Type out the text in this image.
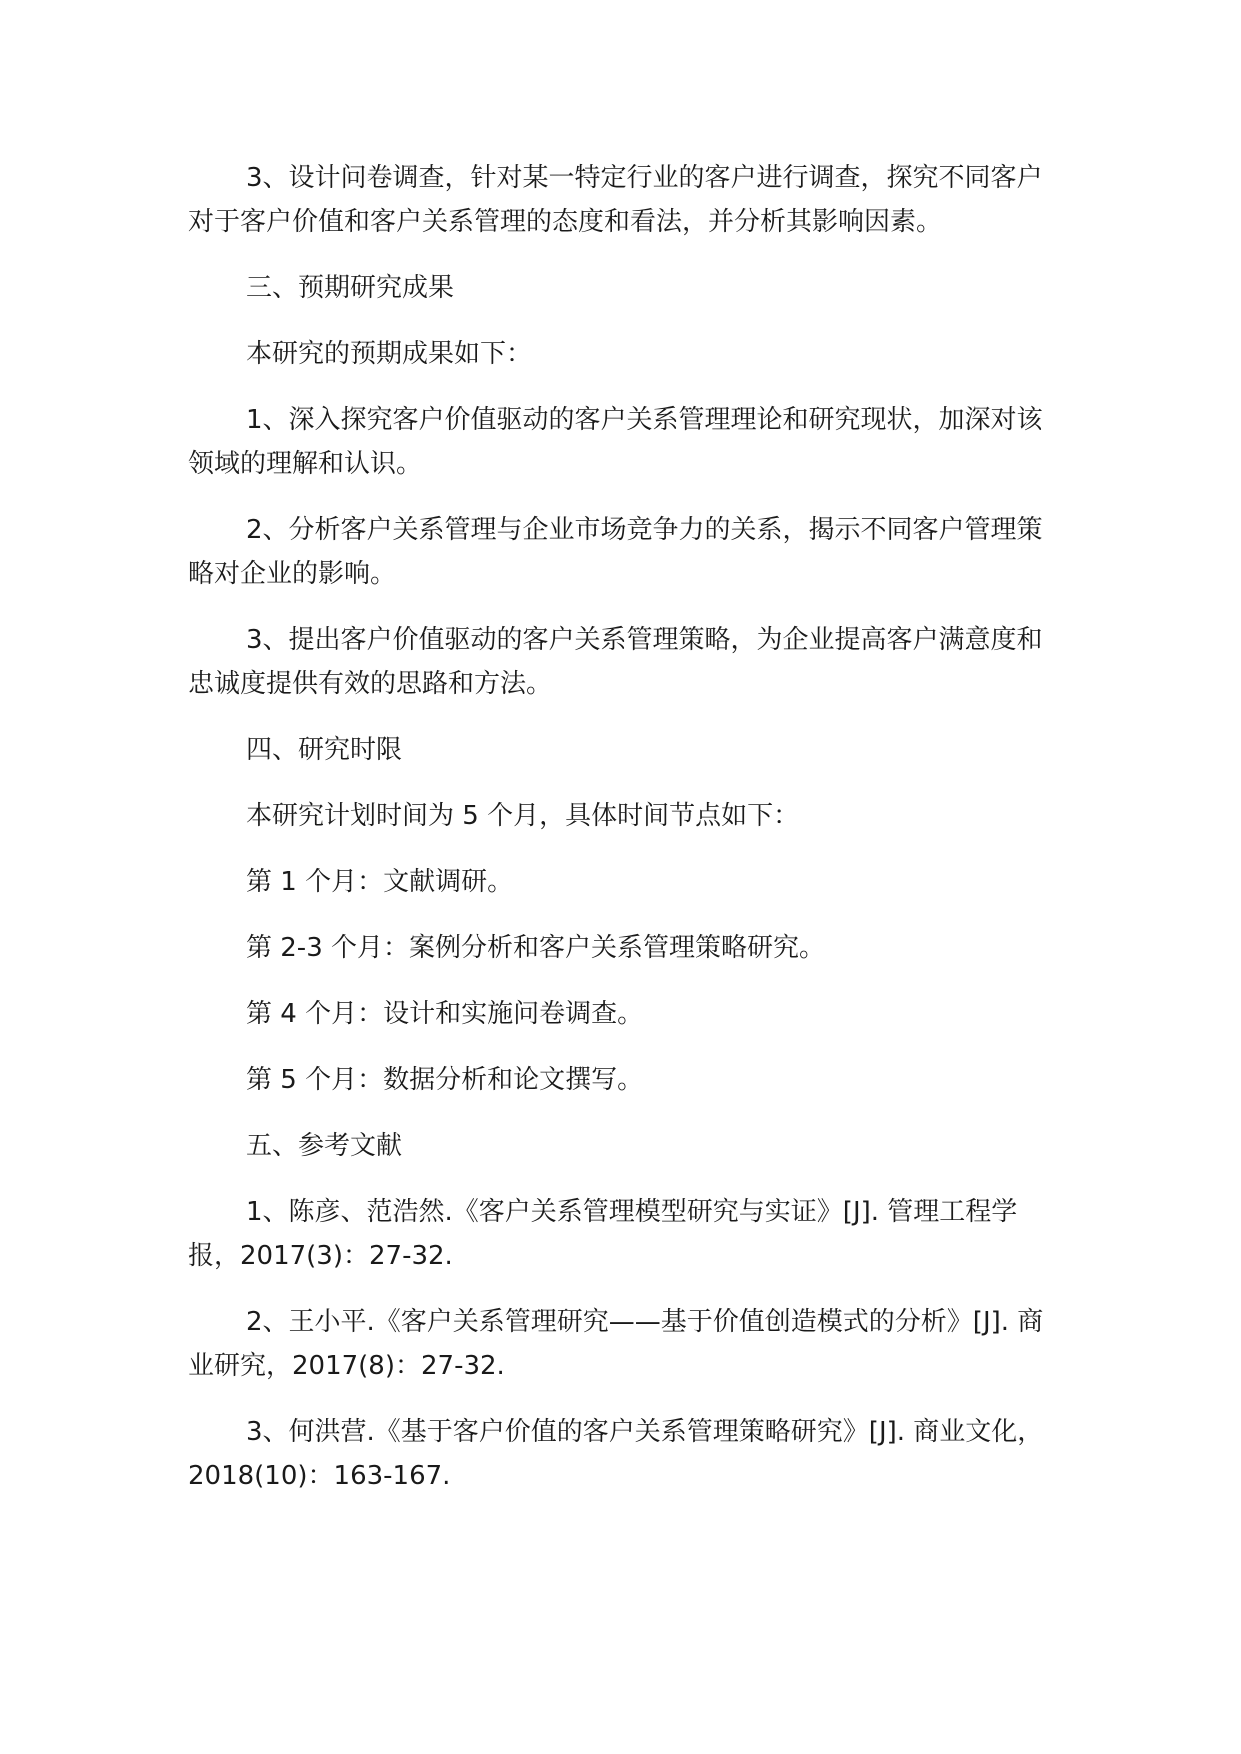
3、设计问卷调查，针对某一特定行业的客户进行调查，探究不同客户对于客户价值和客户关系管理的态度和看法，并分析其影响因素。

三、预期研究成果

本研究的预期成果如下：

1、深入探究客户价值驱动的客户关系管理理论和研究现状，加深对该领域的理解和认识。

2、分析客户关系管理与企业市场竞争力的关系，揭示不同客户管理策略对企业的影响。

3、提出客户价值驱动的客户关系管理策略，为企业提高客户满意度和忠诚度提供有效的思路和方法。

四、研究时限

本研究计划时间为 5 个月，具体时间节点如下：

第 1 个月：文献调研。

第 2-3 个月：案例分析和客户关系管理策略研究。

第 4 个月：设计和实施问卷调查。

第 5 个月：数据分析和论文撰写。

五、参考文献

1、陈彦、范浩然.《客户关系管理模型研究与实证》[J]. 管理工程学报，2017(3)：27-32.

2、王小平.《客户关系管理研究——基于价值创造模式的分析》[J]. 商业研究，2017(8)：27-32.

3、何洪营.《基于客户价值的客户关系管理策略研究》[J]. 商业文化，2018(10)：163-167.
